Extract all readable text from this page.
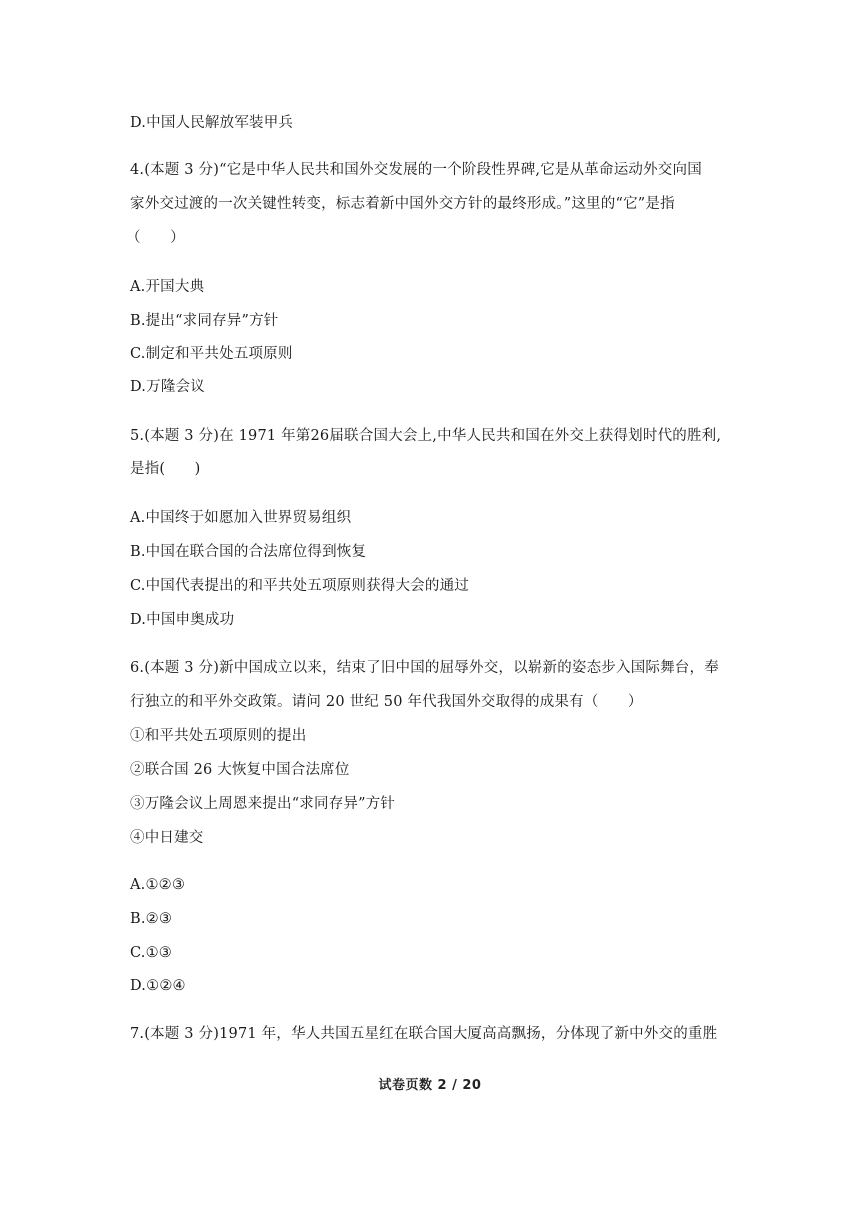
D.中国人民解放军装甲兵
4.(本题 3 分)“它是中华人民共和国外交发展的一个阶段性界碑,它是从革命运动外交向国
家外交过渡的一次关键性转变，标志着新中国外交方针的最终形成。”这里的“它”是指
（　　）
A.开国大典
B.提出“求同存异”方针
C.制定和平共处五项原则
D.万隆会议
5.(本题 3 分)在 1971 年第26届联合国大会上,中华人民共和国在外交上获得划时代的胜利,
是指(　　)
A.中国终于如愿加入世界贸易组织
B.中国在联合国的合法席位得到恢复
C.中国代表提出的和平共处五项原则获得大会的通过
D.中国申奥成功
6.(本题 3 分)新中国成立以来，结束了旧中国的屈辱外交，以崭新的姿态步入国际舞台，奉
行独立的和平外交政策。请问 20 世纪 50 年代我国外交取得的成果有（　　）
①和平共处五项原则的提出
②联合国 26 大恢复中国合法席位
③万隆会议上周恩来提出“求同存异”方针
④中日建交
A.①②③
B.②③
C.①③
D.①②④
7.(本题 3 分)1971 年，华人共国五星红在联合国大厦高高飘扬，分体现了新中外交的重胜
试卷页数 2 / 20
